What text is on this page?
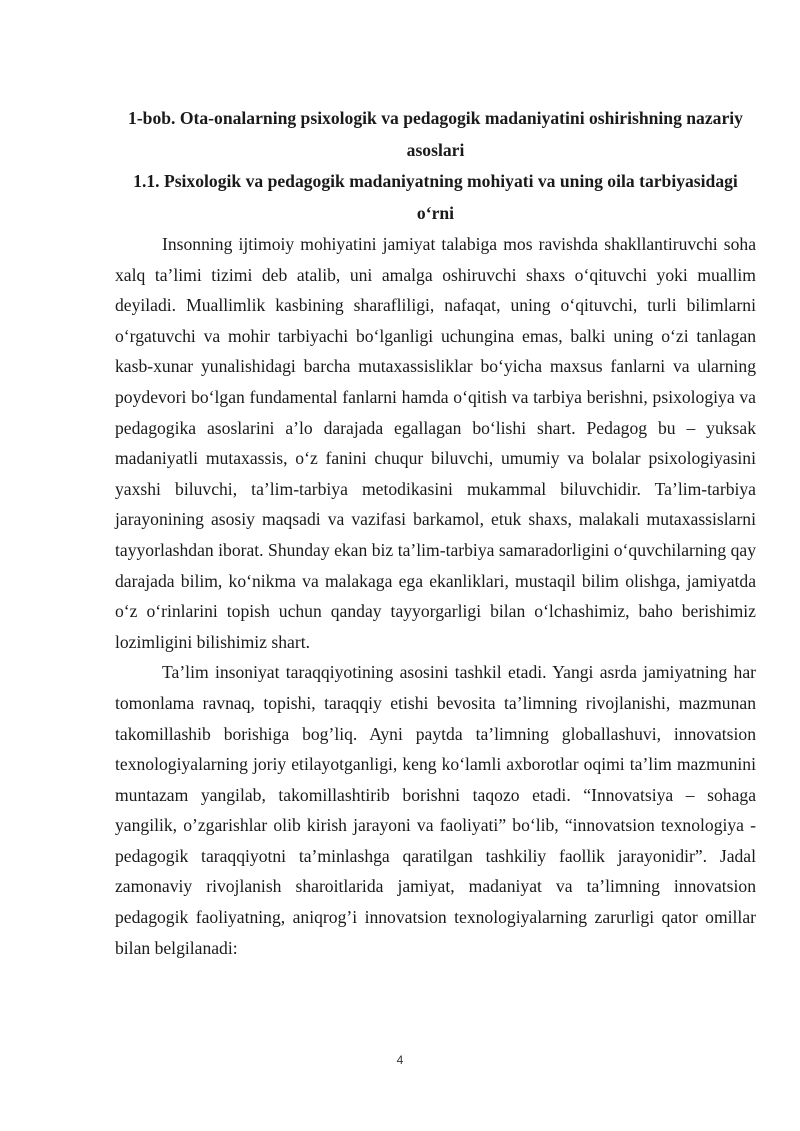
1-bob. Ota-onalarning psixologik va pedagogik madaniyatini oshirishning nazariy asoslari
1.1. Psixologik va pedagogik madaniyatning mohiyati va uning oila tarbiyasidagi o‘rni

Insonning ijtimoiy mohiyatini jamiyat talabiga mos ravishda shakllantiruvchi soha xalq ta’limi tizimi deb atalib, uni amalga oshiruvchi shaxs o‘qituvchi yoki muallim deyiladi. Muallimlik kasbining sharafliligi, nafaqat, uning o‘qituvchi, turli bilimlarni o‘rgatuvchi va mohir tarbiyachi bo‘lganligi uchungina emas, balki uning o‘zi tanlagan kasb-xunar yunalishidagi barcha mutaxassisliklar bo‘yicha maxsus fanlarni va ularning poydevori bo‘lgan fundamental fanlarni hamda o‘qitish va tarbiya berishni, psixologiya va pedagogika asoslarini a’lo darajada egallagan bo‘lishi shart. Pedagog bu – yuksak madaniyatli mutaxassis, o‘z fanini chuqur biluvchi, umumiy va bolalar psixologiyasini yaxshi biluvchi, ta’lim-tarbiya metodikasini mukammal biluvchidir. Ta’lim-tarbiya jarayonining asosiy maqsadi va vazifasi barkamol, etuk shaxs, malakali mutaxassislarni tayyorlashdan iborat. Shunday ekan biz ta’lim-tarbiya samaradorligini o‘quvchilarning qay darajada bilim, ko‘nikma va malakaga ega ekanliklari, mustaqil bilim olishga, jamiyatda o‘z o‘rinlarini topish uchun qanday tayyorgarligi bilan o‘lchashimiz, baho berishimiz lozimligini bilishimiz shart.

Ta’lim insoniyat taraqqiyotining asosini tashkil etadi. Yangi asrda jamiyatning har tomonlama ravnaq, topishi, taraqqiy etishi bevosita ta’limning rivojlanishi, mazmunan takomillashib borishiga bog’liq. Ayni paytda ta’limning globallashuvi, innovatsion texnologiyalarning joriy etilayotganligi, keng ko‘lamli axborotlar oqimi ta’lim mazmunini muntazam yangilab, takomillashtirib borishni taqozo etadi. “Innovatsiya – sohaga yangilik, o’zgarishlar olib kirish jarayoni va faoliyati” bo‘lib, “innovatsion texnologiya - pedagogik taraqqiyotni ta’minlashga qaratilgan tashkiliy faollik jarayonidir”. Jadal zamonaviy rivojlanish sharoitlarida jamiyat, madaniyat va ta’limning innovatsion pedagogik faoliyatning, aniqrog’i innovatsion texnologiyalarning zarurligi qator omillar bilan belgilanadi:

4
